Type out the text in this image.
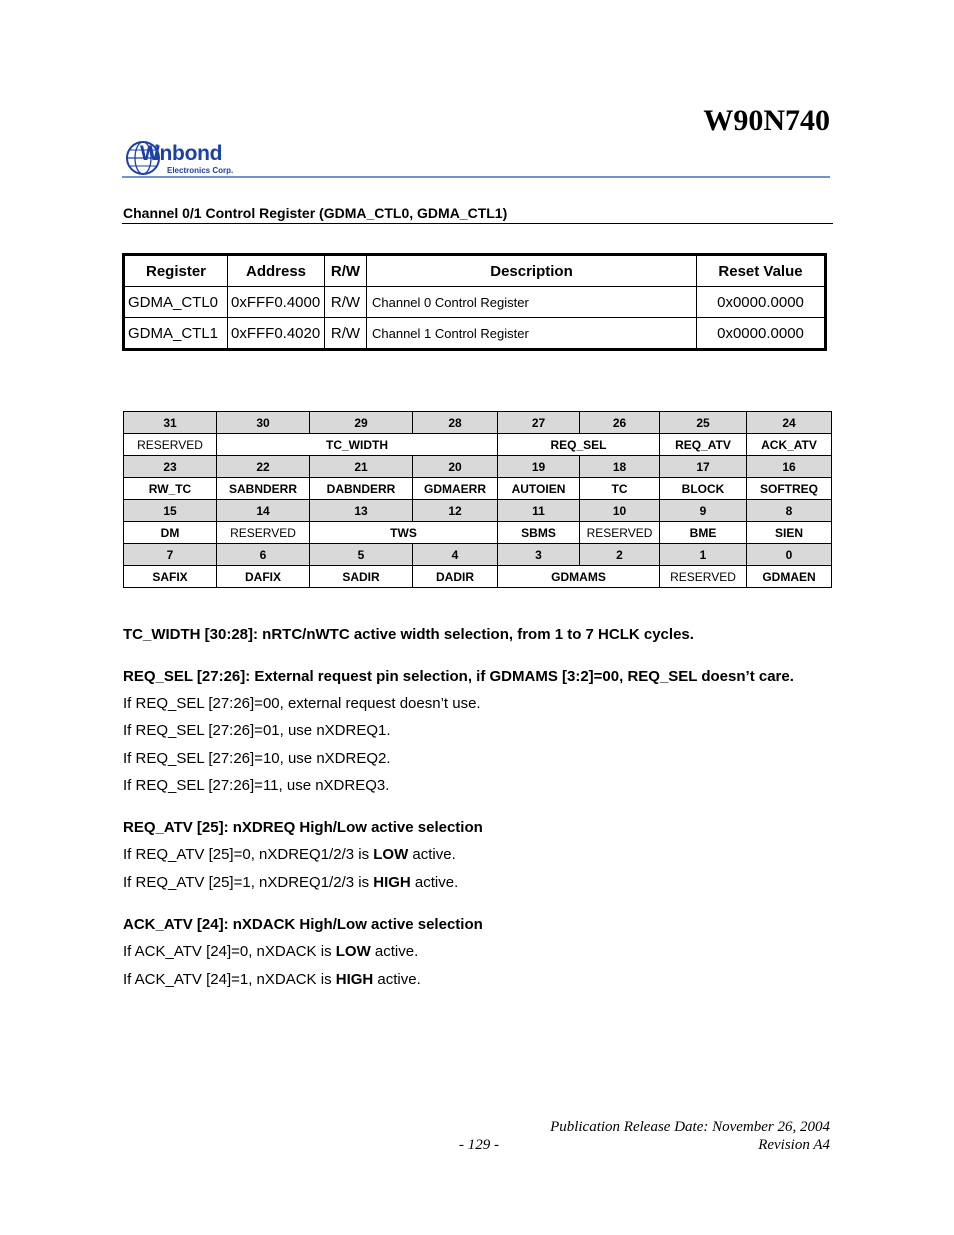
W90N740
W
inbond
Electronics Corp.
Channel 0/1 Control Register (GDMA_CTL0, GDMA_CTL1)
Register	Address	R/W	Description	Reset Value
GDMA_CTL0	0xFFF0.4000	R/W	Channel 0 Control Register	0x0000.0000
GDMA_CTL1	0xFFF0.4020	R/W	Channel 1 Control Register	0x0000.0000
31	30	29	28	27	26	25	24
RESERVED	TC_WIDTH			REQ_SEL		REQ_ATV	ACK_ATV
23	22	21	20	19	18	17	16
RW_TC	SABNDERR	DABNDERR	GDMAERR	AUTOIEN	TC	BLOCK	SOFTREQ
15	14	13	12	11	10	9	8
DM	RESERVED	TWS		SBMS	RESERVED	BME	SIEN
7	6	5	4	3	2	1	0
SAFIX	DAFIX	SADIR	DADIR	GDMAMS		RESERVED	GDMAEN
TC_WIDTH [30:28]: nRTC/nWTC active width selection, from 1 to 7 HCLK cycles.
REQ_SEL [27:26]: External request pin selection, if GDMAMS [3:2]=00, REQ_SEL doesn’t care.
If REQ_SEL [27:26]=00, external request doesn’t use.
If REQ_SEL [27:26]=01, use nXDREQ1.
If REQ_SEL [27:26]=10, use nXDREQ2.
If REQ_SEL [27:26]=11, use nXDREQ3.
REQ_ATV [25]: nXDREQ High/Low active selection
If REQ_ATV [25]=0, nXDREQ1/2/3 is LOW active.
If REQ_ATV [25]=1, nXDREQ1/2/3 is HIGH active.
ACK_ATV [24]: nXDACK High/Low active selection
If ACK_ATV [24]=0, nXDACK is LOW active.
If ACK_ATV [24]=1, nXDACK is HIGH active.
Publication Release Date: November 26, 2004
- 129 -	Revision A4
